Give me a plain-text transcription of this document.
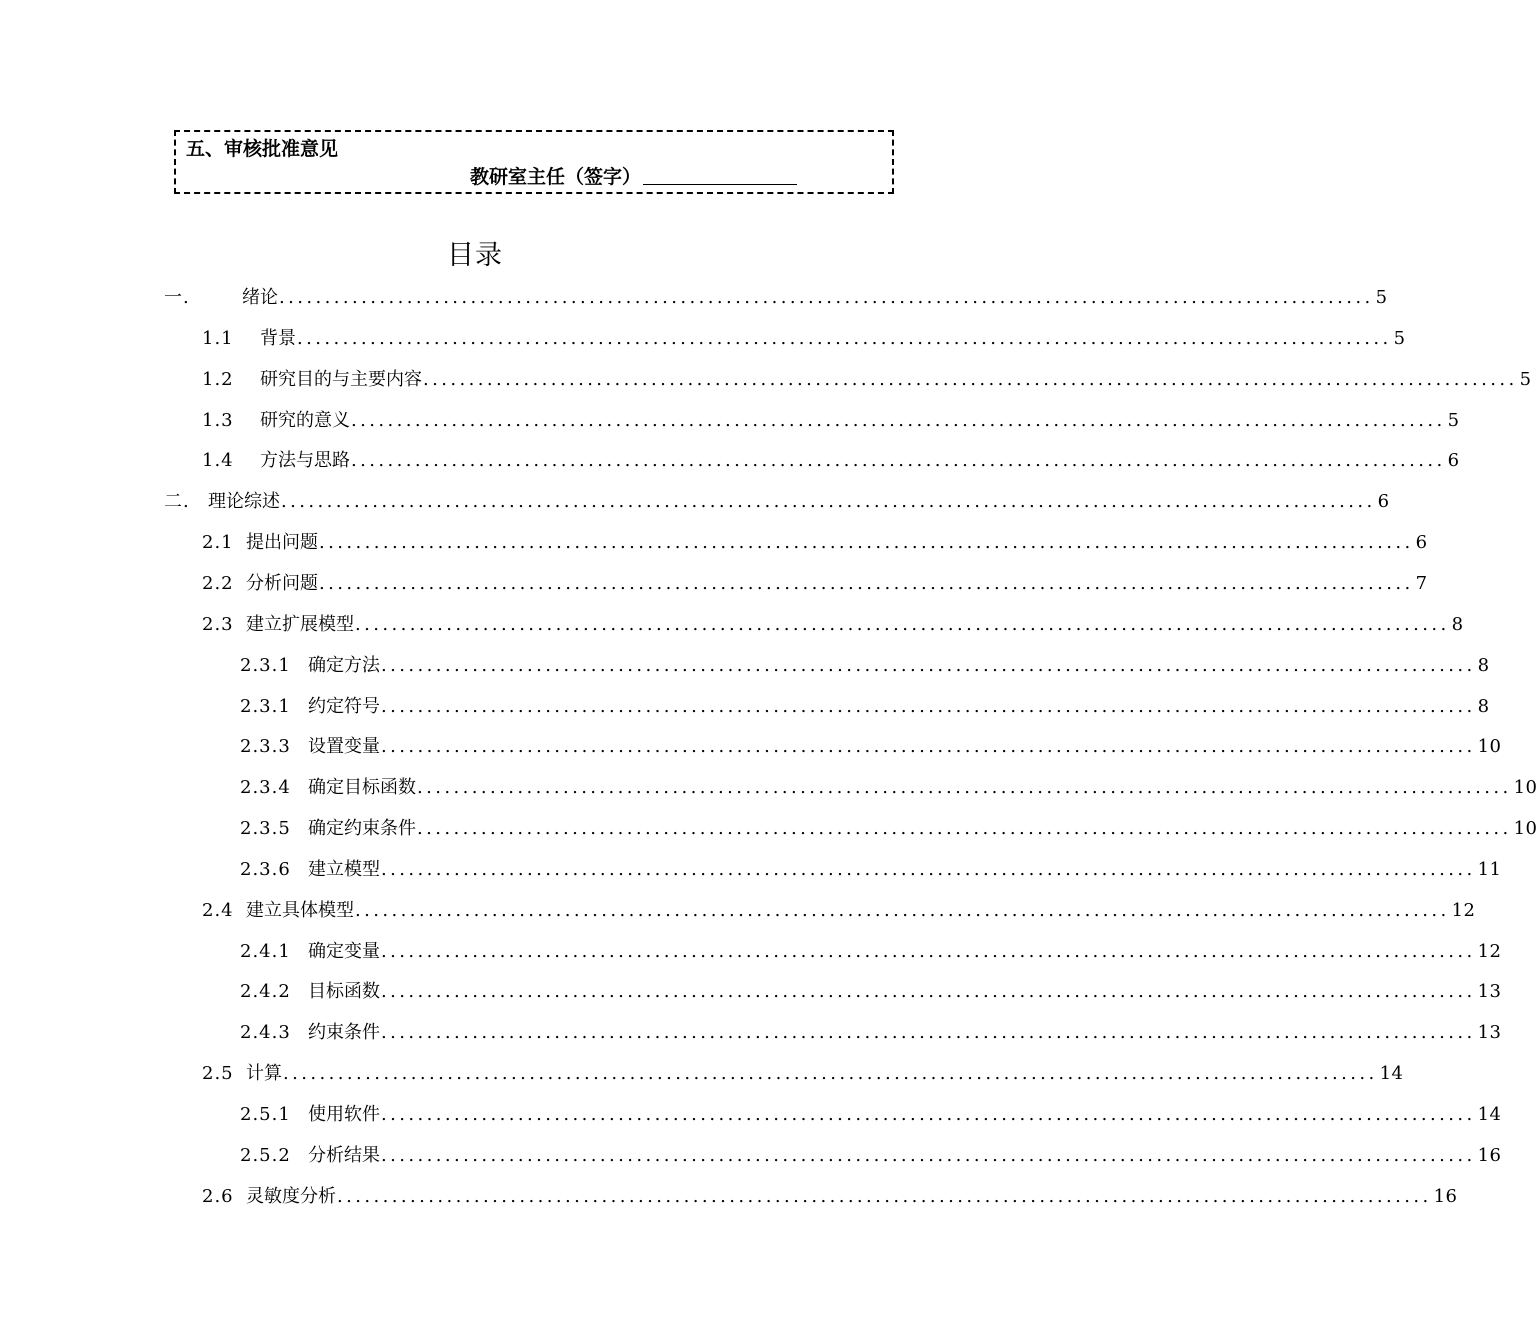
五、审核批准意见
教研室主任（签字）
目录
一.	绪论 ........................................................................................................................ 5
1.1	背景 ........................................................................................................................ 5
1.2	研究目的与主要内容 ........................................................................................................................ 5
1.3	研究的意义 ........................................................................................................................ 5
1.4	方法与思路 ........................................................................................................................ 6
二.	理论综述 ........................................................................................................................ 6
2.1 提出问题 ........................................................................................................................ 6
2.2 分析问题 ........................................................................................................................ 7
2.3 建立扩展模型 ........................................................................................................................ 8
2.3.1 确定方法 ........................................................................................................................ 8
2.3.1 约定符号 ........................................................................................................................ 8
2.3.3 设置变量 ........................................................................................................................ 10
2.3.4 确定目标函数 ........................................................................................................................ 10
2.3.5 确定约束条件 ........................................................................................................................ 10
2.3.6 建立模型 ........................................................................................................................ 11
2.4 建立具体模型 ........................................................................................................................ 12
2.4.1 确定变量 ........................................................................................................................ 12
2.4.2 目标函数 ........................................................................................................................ 13
2.4.3 约束条件 ........................................................................................................................ 13
2.5 计算 ........................................................................................................................ 14
2.5.1 使用软件 ........................................................................................................................ 14
2.5.2 分析结果 ........................................................................................................................ 16
2.6 灵敏度分析 ........................................................................................................................ 16
